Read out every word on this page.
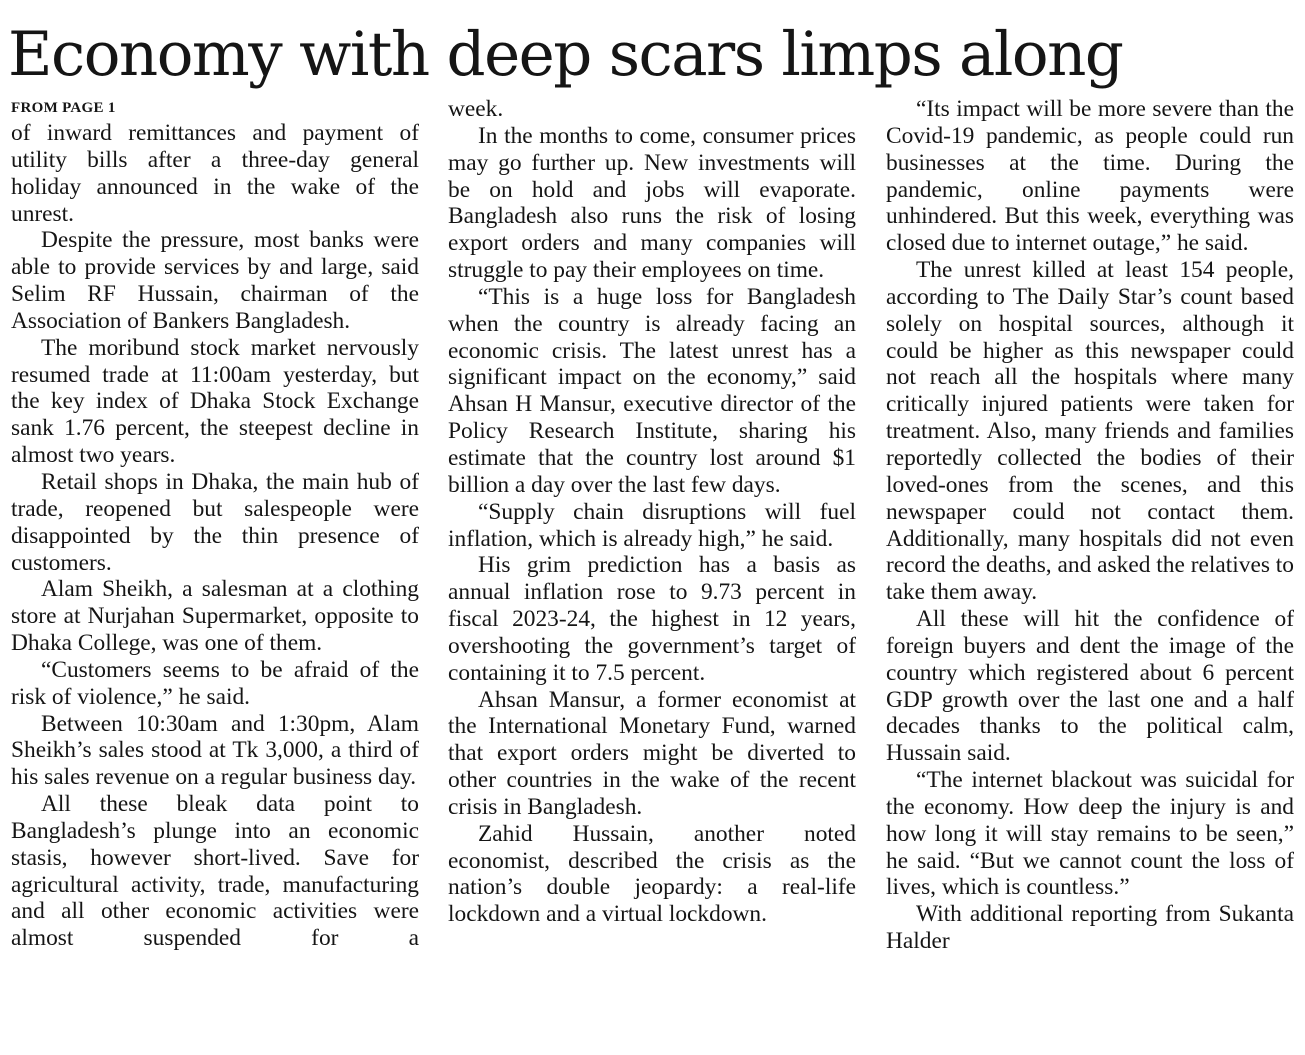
Economy with deep scars limps along
FROM PAGE 1

of inward remittances and payment of utility bills after a three-day general holiday announced in the wake of the unrest.

Despite the pressure, most banks were able to provide services by and large, said Selim RF Hussain, chairman of the Association of Bankers Bangladesh.

The moribund stock market nervously resumed trade at 11:00am yesterday, but the key index of Dhaka Stock Exchange sank 1.76 percent, the steepest decline in almost two years.

Retail shops in Dhaka, the main hub of trade, reopened but salespeople were disappointed by the thin presence of customers.

Alam Sheikh, a salesman at a clothing store at Nurjahan Supermarket, opposite to Dhaka College, was one of them.

“Customers seems to be afraid of the risk of violence,” he said.

Between 10:30am and 1:30pm, Alam Sheikh’s sales stood at Tk 3,000, a third of his sales revenue on a regular business day.

All these bleak data point to Bangladesh’s plunge into an economic stasis, however short-lived. Save for agricultural activity, trade, manufacturing and all other economic activities were almost suspended for a

week.

In the months to come, consumer prices may go further up. New investments will be on hold and jobs will evaporate. Bangladesh also runs the risk of losing export orders and many companies will struggle to pay their employees on time.

“This is a huge loss for Bangladesh when the country is already facing an economic crisis. The latest unrest has a significant impact on the economy,” said Ahsan H Mansur, executive director of the Policy Research Institute, sharing his estimate that the country lost around $1 billion a day over the last few days.

“Supply chain disruptions will fuel inflation, which is already high,” he said.

His grim prediction has a basis as annual inflation rose to 9.73 percent in fiscal 2023-24, the highest in 12 years, overshooting the government’s target of containing it to 7.5 percent.

Ahsan Mansur, a former economist at the International Monetary Fund, warned that export orders might be diverted to other countries in the wake of the recent crisis in Bangladesh.

Zahid Hussain, another noted economist, described the crisis as the nation’s double jeopardy: a real-life lockdown and a virtual lockdown.

“Its impact will be more severe than the Covid-19 pandemic, as people could run businesses at the time. During the pandemic, online payments were unhindered. But this week, everything was closed due to internet outage,” he said.

The unrest killed at least 154 people, according to The Daily Star’s count based solely on hospital sources, although it could be higher as this newspaper could not reach all the hospitals where many critically injured patients were taken for treatment. Also, many friends and families reportedly collected the bodies of their loved-ones from the scenes, and this newspaper could not contact them. Additionally, many hospitals did not even record the deaths, and asked the relatives to take them away.

All these will hit the confidence of foreign buyers and dent the image of the country which registered about 6 percent GDP growth over the last one and a half decades thanks to the political calm, Hussain said.

“The internet blackout was suicidal for the economy. How deep the injury is and how long it will stay remains to be seen,” he said. “But we cannot count the loss of lives, which is countless.”

With additional reporting from Sukanta Halder
